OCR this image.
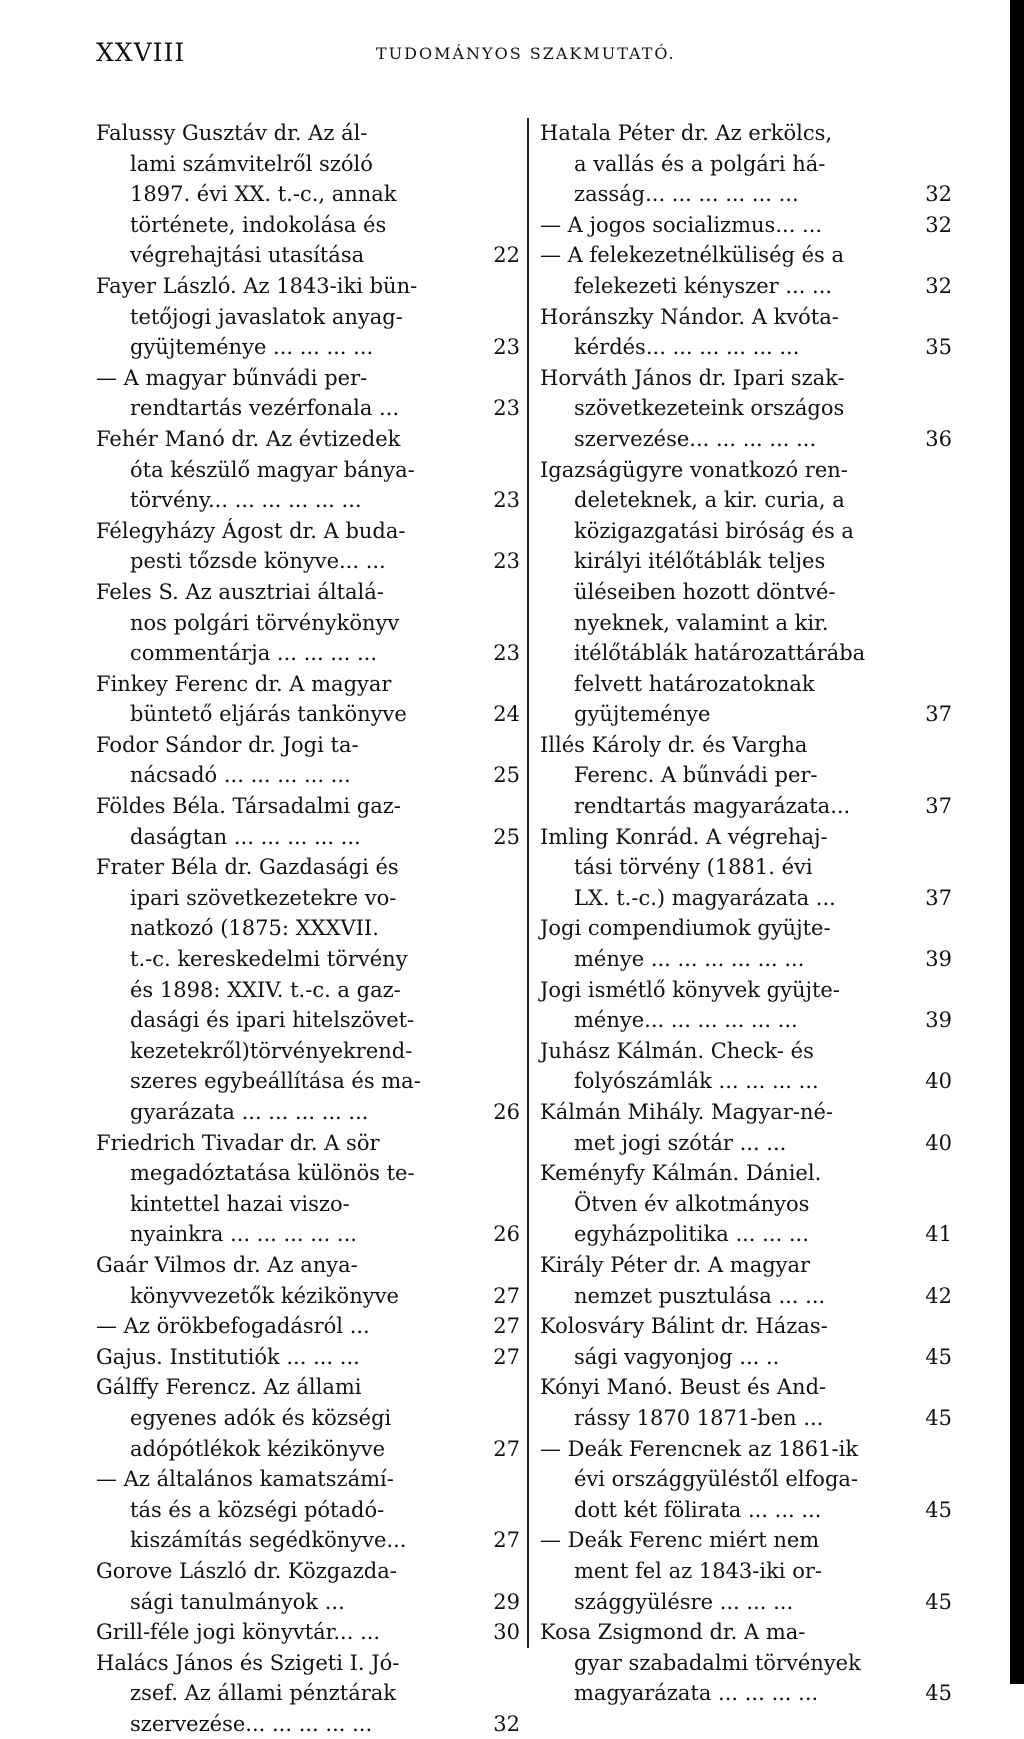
XXVIII	TUDOMÁNYOS SZAKMUTATÓ.
Falussy Gusztáv dr. Az ál-
lami számvitelről szóló
1897. évi XX. t.-c., annak
története, indokolása és
végrehajtási utasítása	22
Fayer László. Az 1843-iki bün-
tetőjogi javaslatok anyag-
gyüjteménye ... ... ... ...	23
— A magyar bűnvádi per-
rendtartás vezérfonala ...	23
Fehér Manó dr. Az évtizedek
óta készülő magyar bánya-
törvény... ... ... ... ... ...	23
Félegyházy Ágost dr. A buda-
pesti tőzsde könyve... ...	23
Feles S. Az ausztriai általá-
nos polgári törvénykönyv
commentárja ... ... ... ...	23
Finkey Ferenc dr. A magyar
büntető eljárás tankönyve	24
Fodor Sándor dr. Jogi ta-
nácsadó ... ... ... ... ...	25
Földes Béla. Társadalmi gaz-
daságtan ... ... ... ... ...	25
Frater Béla dr. Gazdasági és
ipari szövetkezetekre vo-
natkozó (1875: XXXVII.
t.-c. kereskedelmi törvény
és 1898: XXIV. t.-c. a gaz-
dasági és ipari hitelszövet-
kezetekről)törvényekrend-
szeres egybeállítása és ma-
gyarázata ... ... ... ... ...	26
Friedrich Tivadar dr. A sör
megadóztatása különös te-
kintettel hazai viszo-
nyainkra ... ... ... ... ...	26
Gaár Vilmos dr. Az anya-
könyvvezetők kézikönyve	27
— Az örökbefogadásról ...	27
Gajus. Institutiók ... ... ...	27
Gálffy Ferencz. Az állami
egyenes adók és községi
adópótlékok kézikönyve	27
— Az általános kamatszámí-
tás és a községi pótadó-
kiszámítás segédkönyve...	27
Gorove László dr. Közgazda-
sági tanulmányok ...	29
Grill-féle jogi könyvtár... ...	30
Halács János és Szigeti I. Jó-
zsef. Az állami pénztárak
szervezése... ... ... ... ...	32
Hatala Péter dr. Az erkölcs,
a vallás és a polgári há-
zasság... ... ... ... ... ...	32
— A jogos socializmus... ...	32
— A felekezetnélküliség és a
felekezeti kényszer ... ...	32
Horánszky Nándor. A kvóta-
kérdés... ... ... ... ... ...	35
Horváth János dr. Ipari szak-
szövetkezeteink országos
szervezése... ... ... ... ...	36
Igazságügyre vonatkozó ren-
deleteknek, a kir. curia, a
közigazgatási biróság és a
királyi itélőtáblák teljes
üléseiben hozott döntvé-
nyeknek, valamint a kir.
itélőtáblák határozattárába
felvett határozatoknak
gyüjteménye	37
Illés Károly dr. és Vargha
Ferenc. A bűnvádi per-
rendtartás magyarázata...	37
Imling Konrád. A végrehaj-
tási törvény (1881. évi
LX. t.-c.) magyarázata ...	37
Jogi compendiumok gyüjte-
ménye ... ... ... ... ... ...	39
Jogi ismétlő könyvek gyüjte-
ménye... ... ... ... ... ...	39
Juhász Kálmán. Check- és
folyószámlák ... ... ... ...	40
Kálmán Mihály. Magyar-né-
met jogi szótár ... ...	40
Keményfy Kálmán. Dániel.
Ötven év alkotmányos
egyházpolitika ... ... ...	41
Király Péter dr. A magyar
nemzet pusztulása ... ...	42
Kolosváry Bálint dr. Házas-
sági vagyonjog ... ..	45
Kónyi Manó. Beust és And-
rássy 1870 1871-ben ...	45
— Deák Ferencnek az 1861-ik
évi országgyüléstől elfoga-
dott két fölirata ... ... ...	45
— Deák Ferenc miért nem
ment fel az 1843-iki or-
szággyülésre ... ... ...	45
Kosa Zsigmond dr. A ma-
gyar szabadalmi törvények
magyarázata ... ... ... ...	45
